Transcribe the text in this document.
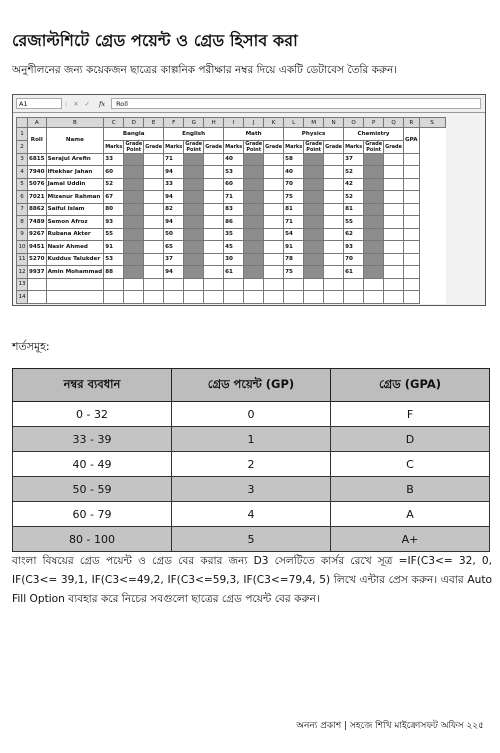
রেজাল্টশিটে গ্রেড পয়েন্ট ও গ্রেড হিসাব করা
অনুশীলনের জন্য কয়েকজন ছাত্রের কাল্পনিক পরীক্ষার নম্বর দিয়ে একটি ডেটাবেস তৈরি করুন।
A1	⁝ ✕ ✓ fx	Roll
	A	B	C	D	E	F	G	H	I	J	K	L	M	N	O	P	Q	R	S
1	Roll	Name	Bangla			English			Math			Physics			Chemistry			GPA	
2			Marks	Grade Point	Grade	Marks	Grade Point	Grade	Marks	Grade Point	Grade	Marks	Grade Point	Grade	Marks	Grade Point	Grade		
3	6815	Serajul Arefin	33			71			40			58			37				
4	7940	Iftekhar Jahan	60			94			53			40			52				
5	5076	Jamal Uddin	52			33			60			70			42				
6	7021	Mizanur Rahman	67			94			71			75			52				
7	8862	Saiful Islam	80			82			83			81			81				
8	7489	Semon Afroz	93			94			86			71			55				
9	9267	Rubana Akter	55			50			35			54			62				
10	9451	Nasir Ahmed	91			65			45			91			93				
11	5270	Kuddus Talukder	53			37			30			78			70				
12	9937	Amin Mohammad	88			94			61			75			61				
13																			
14																			
শর্তসমূহ:
নম্বর ব্যবধান	গ্রেড পয়েন্ট (GP)	গ্রেড (GPA)
0 - 32	0	F
33 - 39	1	D
40 - 49	2	C
50 - 59	3	B
60 - 79	4	A
80 - 100	5	A+
বাংলা বিষয়ের গ্রেড পয়েন্ট ও গ্রেড বের করার জন্য D3 সেলটিতে কার্সর রেখে সূত্র =IF(C3<= 32, 0, IF(C3<= 39,1, IF(C3<=49,2, IF(C3<=59,3, IF(C3<=79,4, 5) লিখে এন্টার প্রেস করুন। এবার Auto Fill Option ব্যবহার করে নিচের সবগুলো ছাত্রের গ্রেড পয়েন্ট বের করুন।
অনন্য প্রকাশ | সহজে শিখি মাইক্রোসফট অফিস ২২৫
